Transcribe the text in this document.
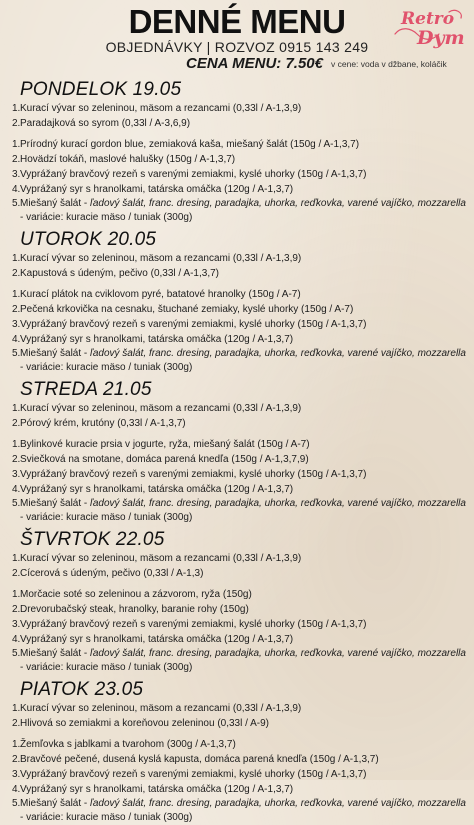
DENNÉ MENU
OBJEDNÁVKY | ROZVOZ 0915 143 249
CENA MENU: 7.50€ v cene: voda v džbane, koláčik
Retro
Dym
PONDELOK 19.05
1.Kurací vývar so zeleninou, mäsom a rezancami (0,33l / A-1,3,9)
2.Paradajková so syrom (0,33l / A-3,6,9)
1.Prírodný kurací gordon blue, zemiaková kaša, miešaný šalát (150g / A-1,3,7)
2.Hovädzí tokáň, maslové halušky (150g / A-1,3,7)
3.Vyprážaný bravčový rezeň s varenými zemiakmi, kyslé uhorky (150g / A-1,3,7)
4.Vyprážaný syr s hranolkami, tatárska omáčka (120g / A-1,3,7)
5.Miešaný šalát - ľadový šalát, franc. dresing, paradajka, uhorka, reďkovka, varené vajíčko, mozzarella - variácie: kuracie mäso / tuniak (300g)
UTOROK 20.05
1.Kurací vývar so zeleninou, mäsom a rezancami (0,33l / A-1,3,9)
2.Kapustová s údeným, pečivo (0,33l / A-1,3,7)
1.Kurací plátok na cviklovom pyré, batatové hranolky (150g / A-7)
2.Pečená krkovička na cesnaku, štuchané zemiaky, kyslé uhorky (150g / A-7)
3.Vyprážaný bravčový rezeň s varenými zemiakmi, kyslé uhorky (150g / A-1,3,7)
4.Vyprážaný syr s hranolkami, tatárska omáčka (120g / A-1,3,7)
5.Miešaný šalát - ľadový šalát, franc. dresing, paradajka, uhorka, reďkovka, varené vajíčko, mozzarella - variácie: kuracie mäso / tuniak (300g)
STREDA 21.05
1.Kurací vývar so zeleninou, mäsom a rezancami (0,33l / A-1,3,9)
2.Pórový krém, krutóny (0,33l / A-1,3,7)
1.Bylinkové kuracie prsia v jogurte, ryža, miešaný šalát (150g / A-7)
2.Sviečková na smotane, domáca parená knedľa (150g / A-1,3,7,9)
3.Vyprážaný bravčový rezeň s varenými zemiakmi, kyslé uhorky (150g / A-1,3,7)
4.Vyprážaný syr s hranolkami, tatárska omáčka (120g / A-1,3,7)
5.Miešaný šalát - ľadový šalát, franc. dresing, paradajka, uhorka, reďkovka, varené vajíčko, mozzarella - variácie: kuracie mäso / tuniak (300g)
ŠTVRTOK 22.05
1.Kurací vývar so zeleninou, mäsom a rezancami (0,33l / A-1,3,9)
2.Cícerová s údeným, pečivo (0,33l / A-1,3)
1.Morčacie soté so zeleninou a zázvorom, ryža (150g)
2.Drevorubačský steak, hranolky, baranie rohy (150g)
3.Vyprážaný bravčový rezeň s varenými zemiakmi, kyslé uhorky (150g / A-1,3,7)
4.Vyprážaný syr s hranolkami, tatárska omáčka (120g / A-1,3,7)
5.Miešaný šalát - ľadový šalát, franc. dresing, paradajka, uhorka, reďkovka, varené vajíčko, mozzarella - variácie: kuracie mäso / tuniak (300g)
PIATOK 23.05
1.Kurací vývar so zeleninou, mäsom a rezancami (0,33l / A-1,3,9)
2.Hlivová so zemiakmi a koreňovou zeleninou (0,33l / A-9)
1.Žemľovka s jablkami a tvarohom (300g / A-1,3,7)
2.Bravčové pečené, dusená kyslá kapusta, domáca parená knedľa (150g / A-1,3,7)
3.Vyprážaný bravčový rezeň s varenými zemiakmi, kyslé uhorky (150g / A-1,3,7)
4.Vyprážaný syr s hranolkami, tatárska omáčka (120g / A-1,3,7)
5.Miešaný šalát - ľadový šalát, franc. dresing, paradajka, uhorka, reďkovka, varené vajíčko, mozzarella - variácie: kuracie mäso / tuniak (300g)
